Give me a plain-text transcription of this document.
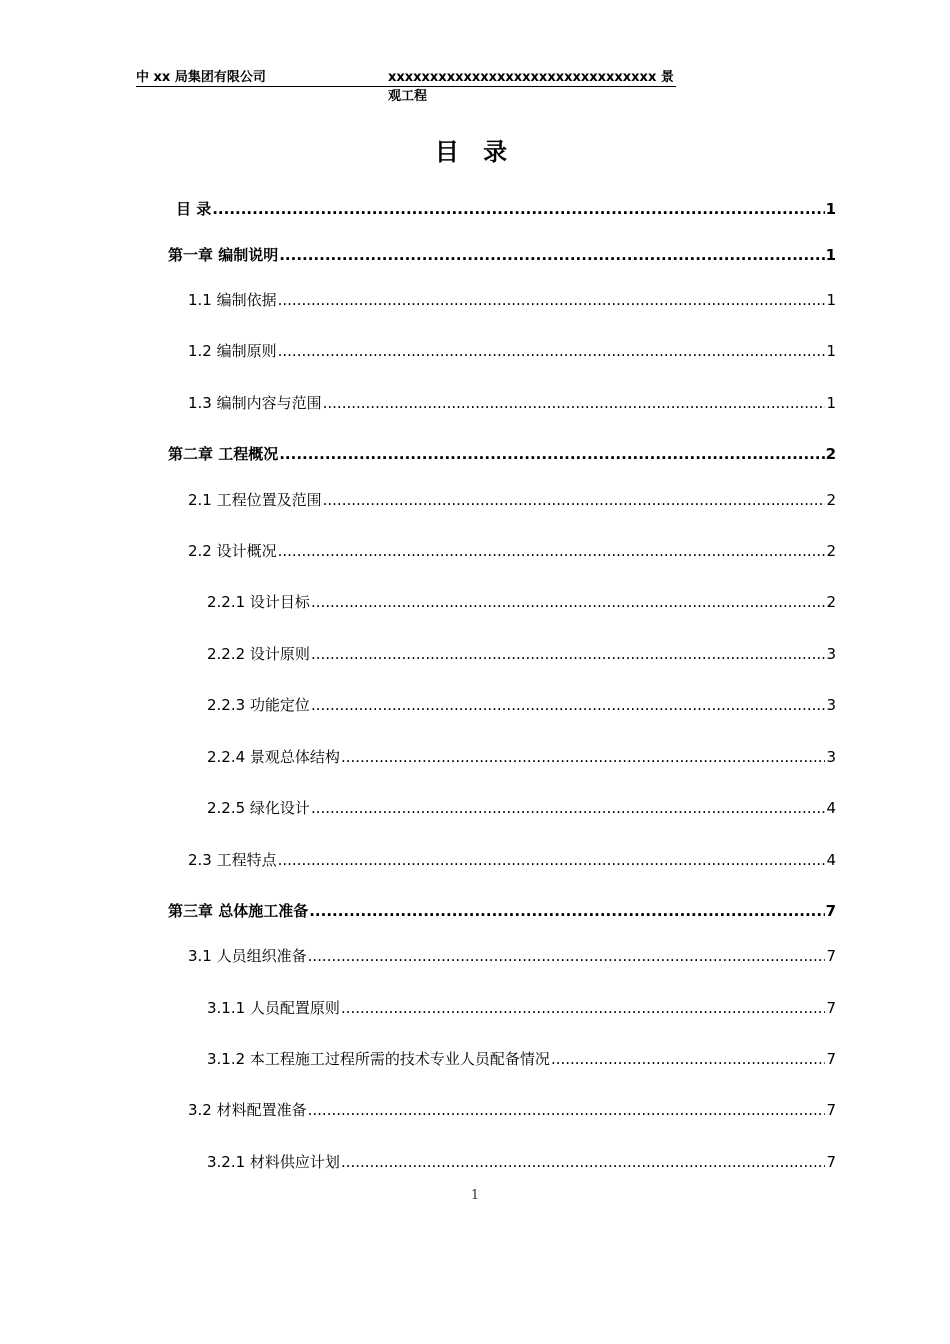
中 xx 局集团有限公司	xxxxxxxxxxxxxxxxxxxxxxxxxxxxxxxx 景观工程
目 录
目 录 .....	1
第一章 编制说明 .....	1
1.1 编制依据 .....	1
1.2 编制原则 .....	1
1.3 编制内容与范围 .....	1
第二章 工程概况 .....	2
2.1 工程位置及范围 .....	2
2.2 设计概况 .....	2
2.2.1 设计目标 .....	2
2.2.2 设计原则 .....	3
2.2.3 功能定位 .....	3
2.2.4 景观总体结构 .....	3
2.2.5 绿化设计 .....	4
2.3 工程特点 .....	4
第三章 总体施工准备 .....	7
3.1 人员组织准备 .....	7
3.1.1 人员配置原则 .....	7
3.1.2 本工程施工过程所需的技术专业人员配备情况 .....	7
3.2 材料配置准备 .....	7
3.2.1 材料供应计划 .....	7
1
